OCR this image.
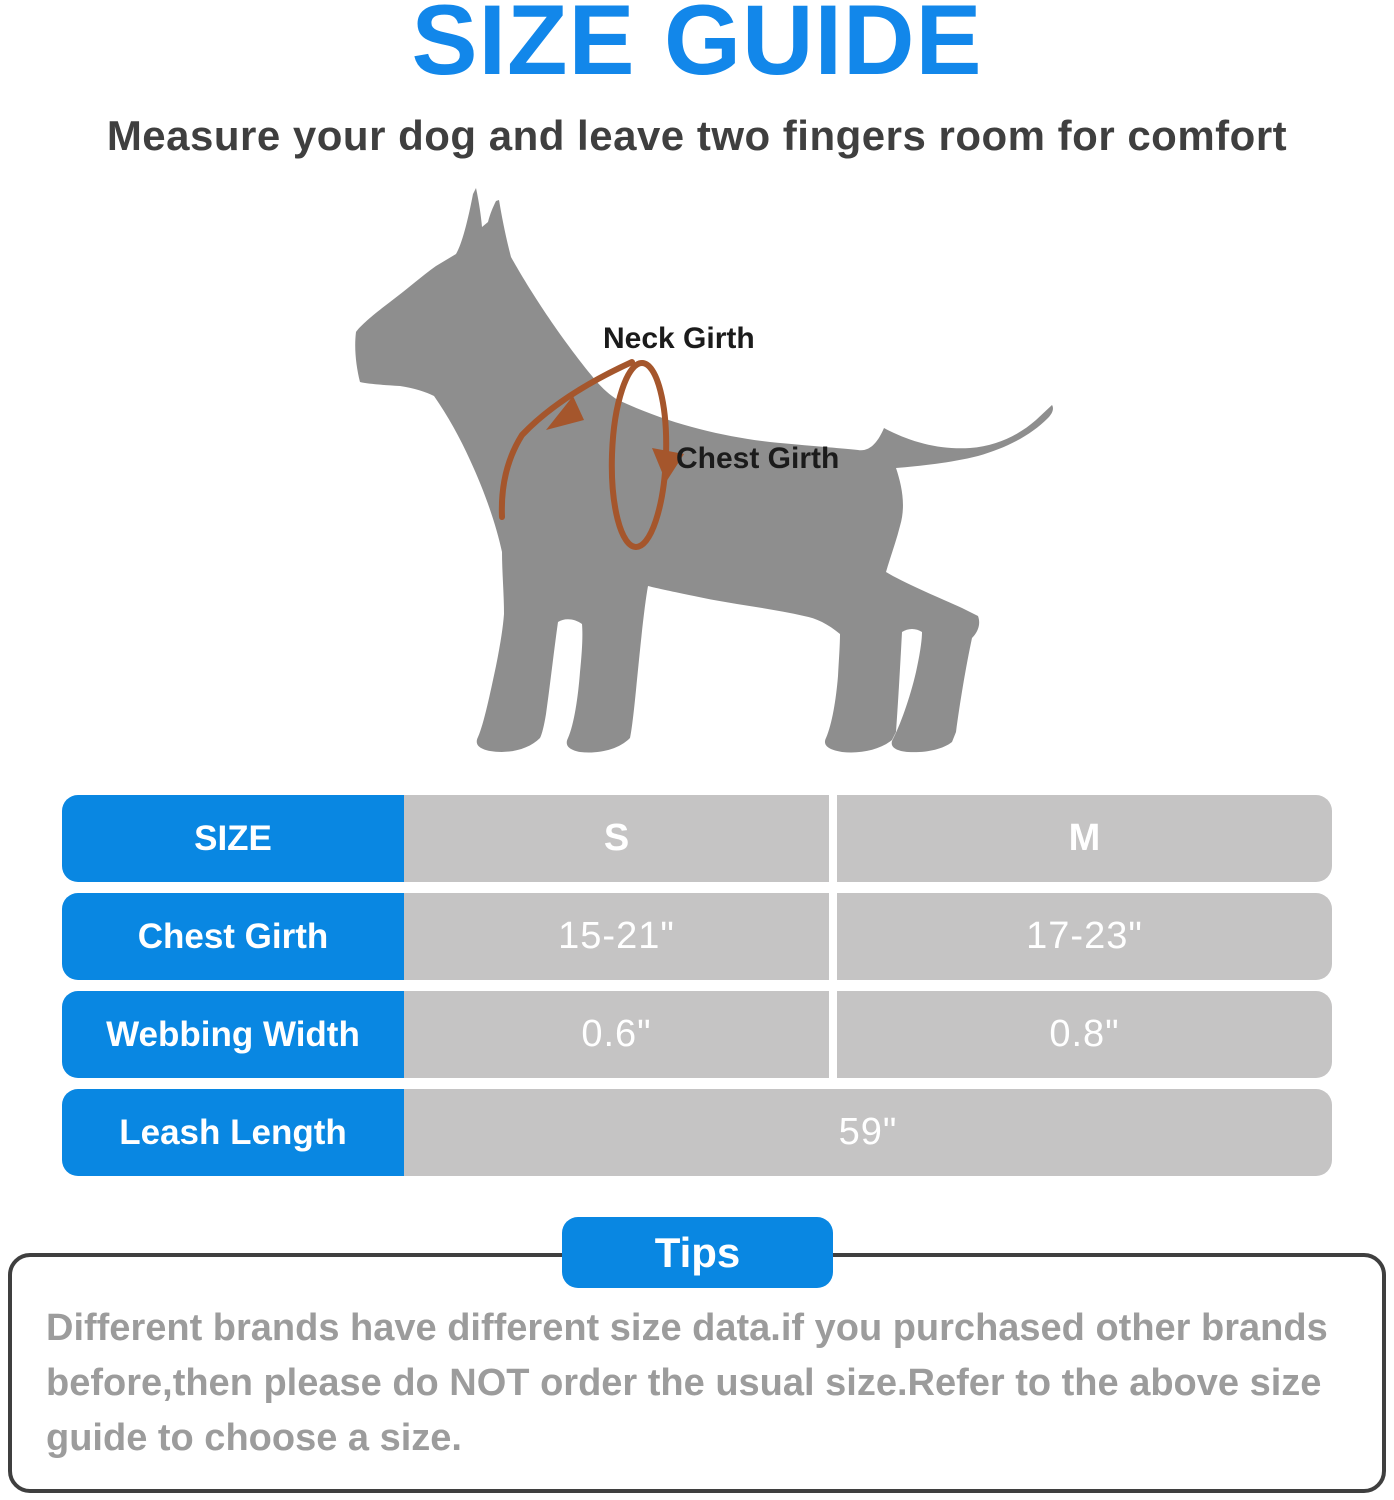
SIZE GUIDE
Measure your dog and leave two fingers room for comfort
Neck Girth
Chest Girth
SIZE	S	M
Chest Girth	15-21"	17-23"
Webbing Width	0.6"	0.8"
Leash Length	59"
Tips
Different brands have different size data.if you purchased other brands before,then please do NOT order the usual size.Refer to the above size guide to choose a size.
